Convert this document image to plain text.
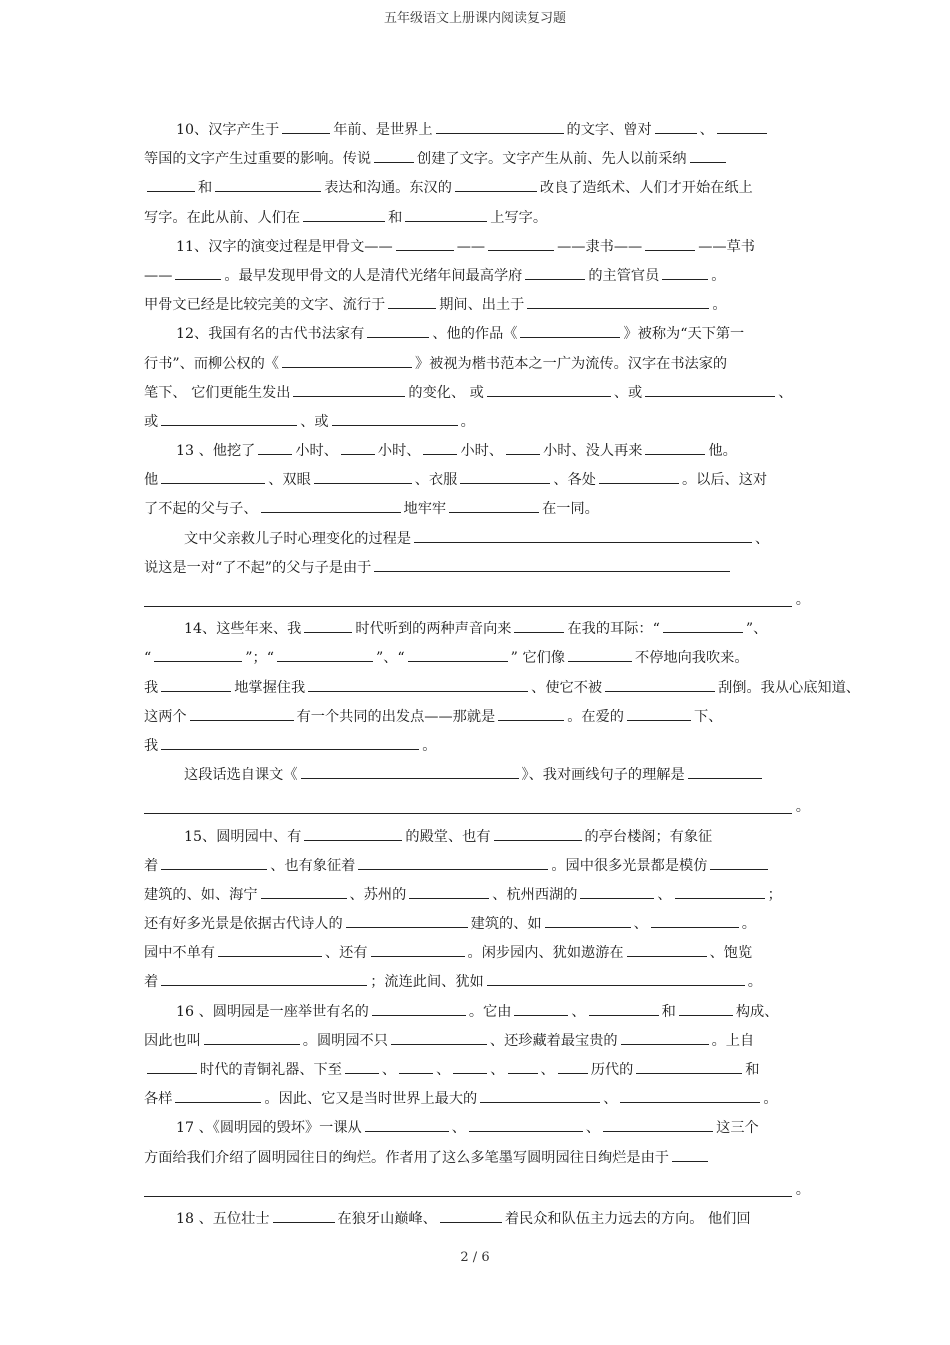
五年级语文上册课内阅读复习题
10、汉字产生于	年前、是世界上	的文字、曾对	、
等国的文字产生过重要的影响。传说	创建了文字。文字产生从前、先人以前采纳
和	表达和沟通。东汉的	改良了造纸术、人们才开始在纸上
写字。在此从前、人们在	和	上写字。
11、汉字的演变过程是甲骨文——	——	——隶书——	——草书
——	。最早发现甲骨文的人是清代光绪年间最高学府	的主管官员	。
甲骨文已经是比较完美的文字、流行于	期间、出土于	。
12、我国有名的古代书法家有	、他的作品《	》被称为“天下第一
行书”、而柳公权的《	》被视为楷书范本之一广为流传。汉字在书法家的
笔下、 它们更能生发出	的变化、 或	、或	、
或	、或	。
13 、他挖了	小时、	小时、	小时、	小时、没人再来	他。
他	、双眼	、衣服	、各处	。以后、这对
了不起的父与子、	地牢牢	在一同。
文中父亲救儿子时心理变化的过程是	、
说这是一对“了不起”的父与子是由于
。
14、这些年来、我	时代听到的两种声音向来	在我的耳际：“	”、
“	”；“	”、“	” 它们像	不停地向我吹来。
我	地掌握住我	、使它不被	刮倒。我从心底知道、
这两个	有一个共同的出发点——那就是	。在爱的	下、
我	。
这段话选自课文《	》、我对画线句子的理解是
。
15、圆明园中、有	的殿堂、也有	的亭台楼阁；有象征
着	、也有象征着	。园中很多光景都是模仿
建筑的、如、海宁	、苏州的	、杭州西湖的	、	；
还有好多光景是依据古代诗人的	建筑的、如	、	。
园中不单有	、还有	。闲步园内、犹如遨游在	、饱览
着	；流连此间、犹如	。
16 、圆明园是一座举世有名的	。它由	、	和	构成、
因此也叫	。圆明园不只	、还珍藏着最宝贵的	。上自
时代的青铜礼器、下至	、	、	、	、	历代的	和
各样	。因此、它又是当时世界上最大的	、	。
17 、《圆明园的毁坏》一课从	、	、	这三个
方面给我们介绍了圆明园往日的绚烂。作者用了这么多笔墨写圆明园往日绚烂是由于
。
18 、五位壮士	在狼牙山巅峰、	着民众和队伍主力远去的方向。 他们回
2 / 6
